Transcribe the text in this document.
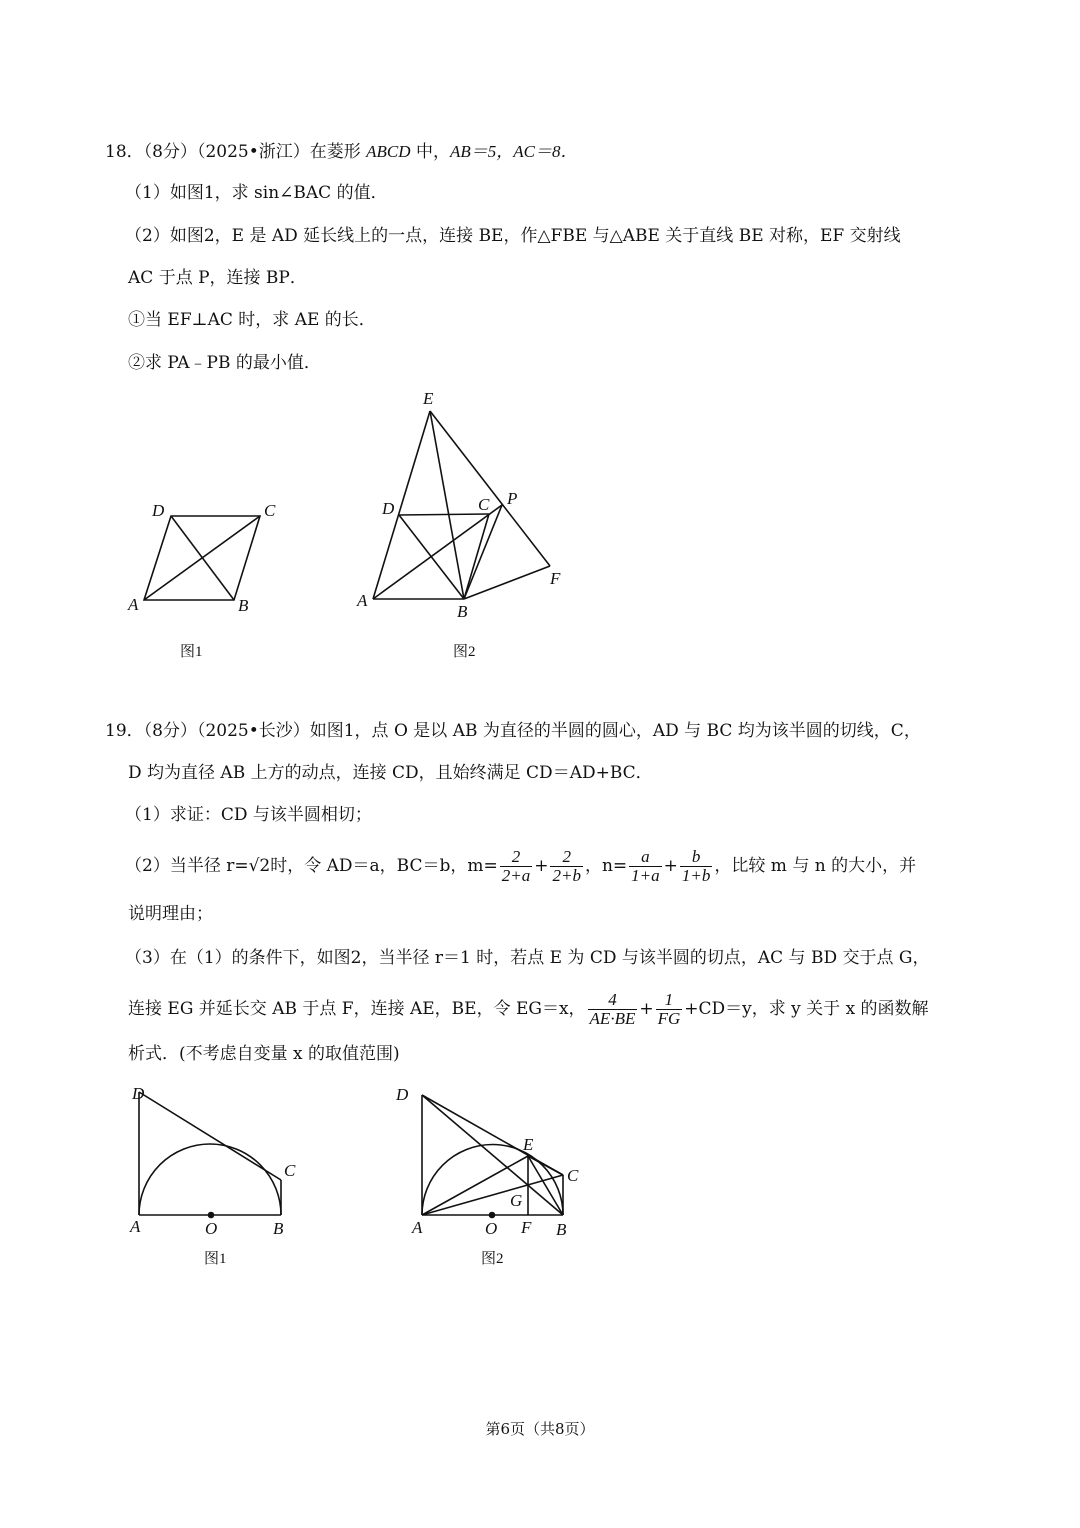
18．（8分）（2025•浙江）在菱形 ABCD 中，AB＝5，AC＝8．
（1）如图1，求 sin∠BAC 的值．
（2）如图2，E 是 AD 延长线上的一点，连接 BE，作△FBE 与△ABE 关于直线 BE 对称，EF 交射线
AC 于点 P，连接 BP．
①当 EF⊥AC 时，求 AE 的长．
②求 PA﹣PB 的最小值．
19．（8分）（2025•长沙）如图1，点 O 是以 AB 为直径的半圆的圆心，AD 与 BC 均为该半圆的切线，C，
D 均为直径 AB 上方的动点，连接 CD，且始终满足 CD＝AD+BC．
（1）求证：CD 与该半圆相切；
（2）当半径 r=√2时，令 AD＝a，BC＝b，$m= \frac{2}{2+a} + \frac{2}{2+b}$ ，$n= \frac{a}{1+a} + \frac{b}{1+b}$ ，比较 m 与 n 的大小，并
说明理由；
（3）在（1）的条件下，如图2，当半径 r＝1 时，若点 E 为 CD 与该半圆的切点，AC 与 BD 交于点 G，
连接 EG 并延长交 AB 于点 F，连接 AE，BE，令 EG＝x， $\frac{4}{AE\cdot BE} + \frac{1}{FG} +CD=y$，求 y 关于 x 的函数解
析式．(不考虑自变量 x 的取值范围)
D	C
A	B
图1
E
D	C P
A
B
F
图2
D
C
A	O	B
图1
D
E
C
G
A	O F B
图2
第6页（共8页）
